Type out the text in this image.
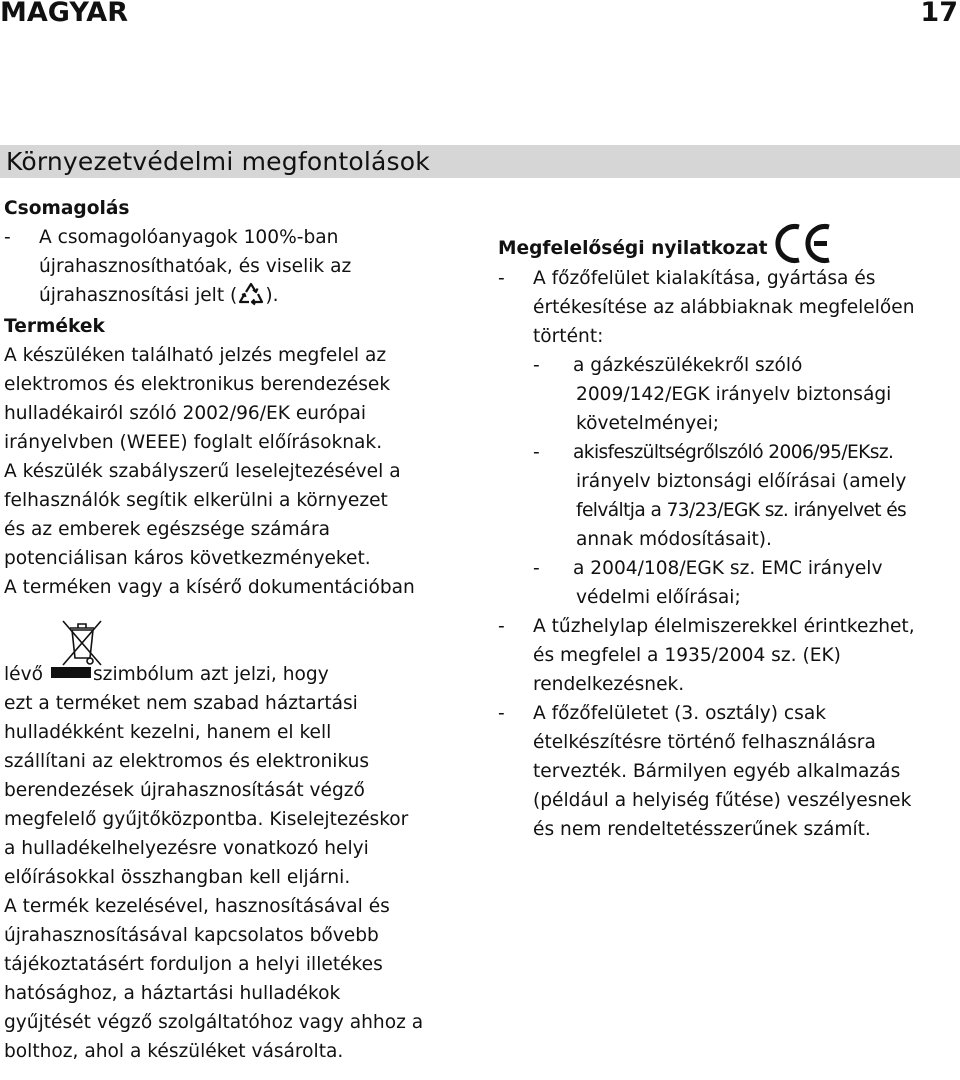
MAGYAR	17
Környezetvédelmi megfontolások
Csomagolás
- A csomagolóanyagok 100%-ban
újrahasznosíthatóak, és viselik az
újrahasznosítási jelt ( ).
Termékek
A készüléken található jelzés megfelel az
elektromos és elektronikus berendezések
hulladékairól szóló 2002/96/EK európai
irányelvben (WEEE) foglalt előírásoknak.
A készülék szabályszerű leselejtezésével a
felhasználók segítik elkerülni a környezet
és az emberek egészsége számára
potenciálisan káros következményeket.
A terméken vagy a kísérő dokumentációban
lévő	szimbólum azt jelzi, hogy
ezt a terméket nem szabad háztartási
hulladékként kezelni, hanem el kell
szállítani az elektromos és elektronikus
berendezések újrahasznosítását végző
megfelelő gyűjtőközpontba. Kiselejtezéskor
a hulladékelhelyezésre vonatkozó helyi
előírásokkal összhangban kell eljárni.
A termék kezelésével, hasznosításával és
újrahasznosításával kapcsolatos bővebb
tájékoztatásért forduljon a helyi illetékes
hatósághoz, a háztartási hulladékok
gyűjtését végző szolgáltatóhoz vagy ahhoz a
bolthoz, ahol a készüléket vásárolta.
Megfelelőségi nyilatkozat
- A főzőfelület kialakítása, gyártása és
értékesítése az alábbiaknak megfelelően
történt:
- a gázkészülékekről szóló
2009/142/EGK irányelv biztonsági
követelményei;
- akisfeszültségrőlszóló 2006/95/EKsz.
irányelv biztonsági előírásai (amely
felváltja a 73/23/EGK sz. irányelvet és
annak módosításait).
- a 2004/108/EGK sz. EMC irányelv
védelmi előírásai;
- A tűzhelylap élelmiszerekkel érintkezhet,
és megfelel a 1935/2004 sz. (EK)
rendelkezésnek.
- A főzőfelületet (3. osztály) csak
ételkészítésre történő felhasználásra
tervezték. Bármilyen egyéb alkalmazás
(például a helyiség fűtése) veszélyesnek
és nem rendeltetésszerűnek számít.
